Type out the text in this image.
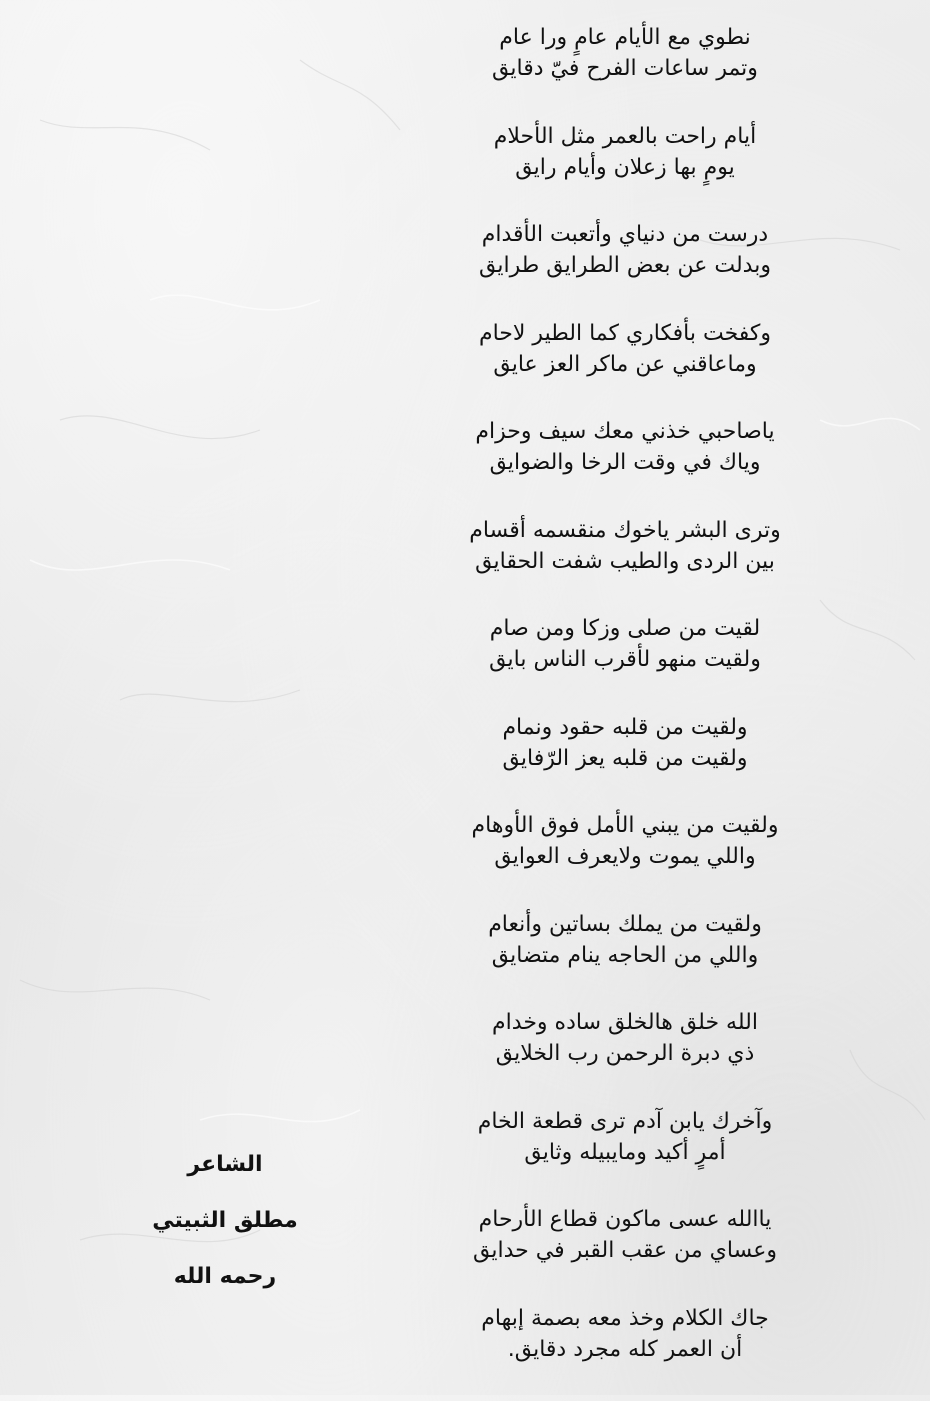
نطوي مع الأيام عامٍ ورا عام
وتمر ساعات الفرح فيّ دقايق
أيام راحت بالعمر مثل الأحلام
يومٍ بها زعلان وأيام رايق
درست من دنياي وأتعبت الأقدام
وبدلت عن بعض الطرايق طرايق
وكفخت بأفكاري كما الطير لاحام
وماعاقني عن ماكر العز عايق
ياصاحبي خذني معك سيف وحزام
وياك في وقت الرخا والضوايق
وترى البشر ياخوك منقسمه أقسام
بين الردى والطيب شفت الحقايق
لقيت من صلى وزكا ومن صام
ولقيت منهو لأقرب الناس بايق
ولقيت من قلبه حقود ونمام
ولقيت من قلبه يعز الرّفايق
ولقيت من يبني الأمل فوق الأوهام
واللي يموت ولايعرف العوايق
ولقيت من يملك بساتين وأنعام
واللي من الحاجه ينام متضايق
الله خلق هالخلق ساده وخدام
ذي دبرة الرحمن رب الخلايق
وآخرك يابن آدم ترى قطعة الخام
أمرٍ أكيد ومايبيله وثايق
ياالله عسى ماكون قطاع الأرحام
وعساي من عقب القبر في حدايق
جاك الكلام وخذ معه بصمة إبهام
أن العمر كله مجرد دقايق.
الشاعر
مطلق الثبيتي
رحمه الله
